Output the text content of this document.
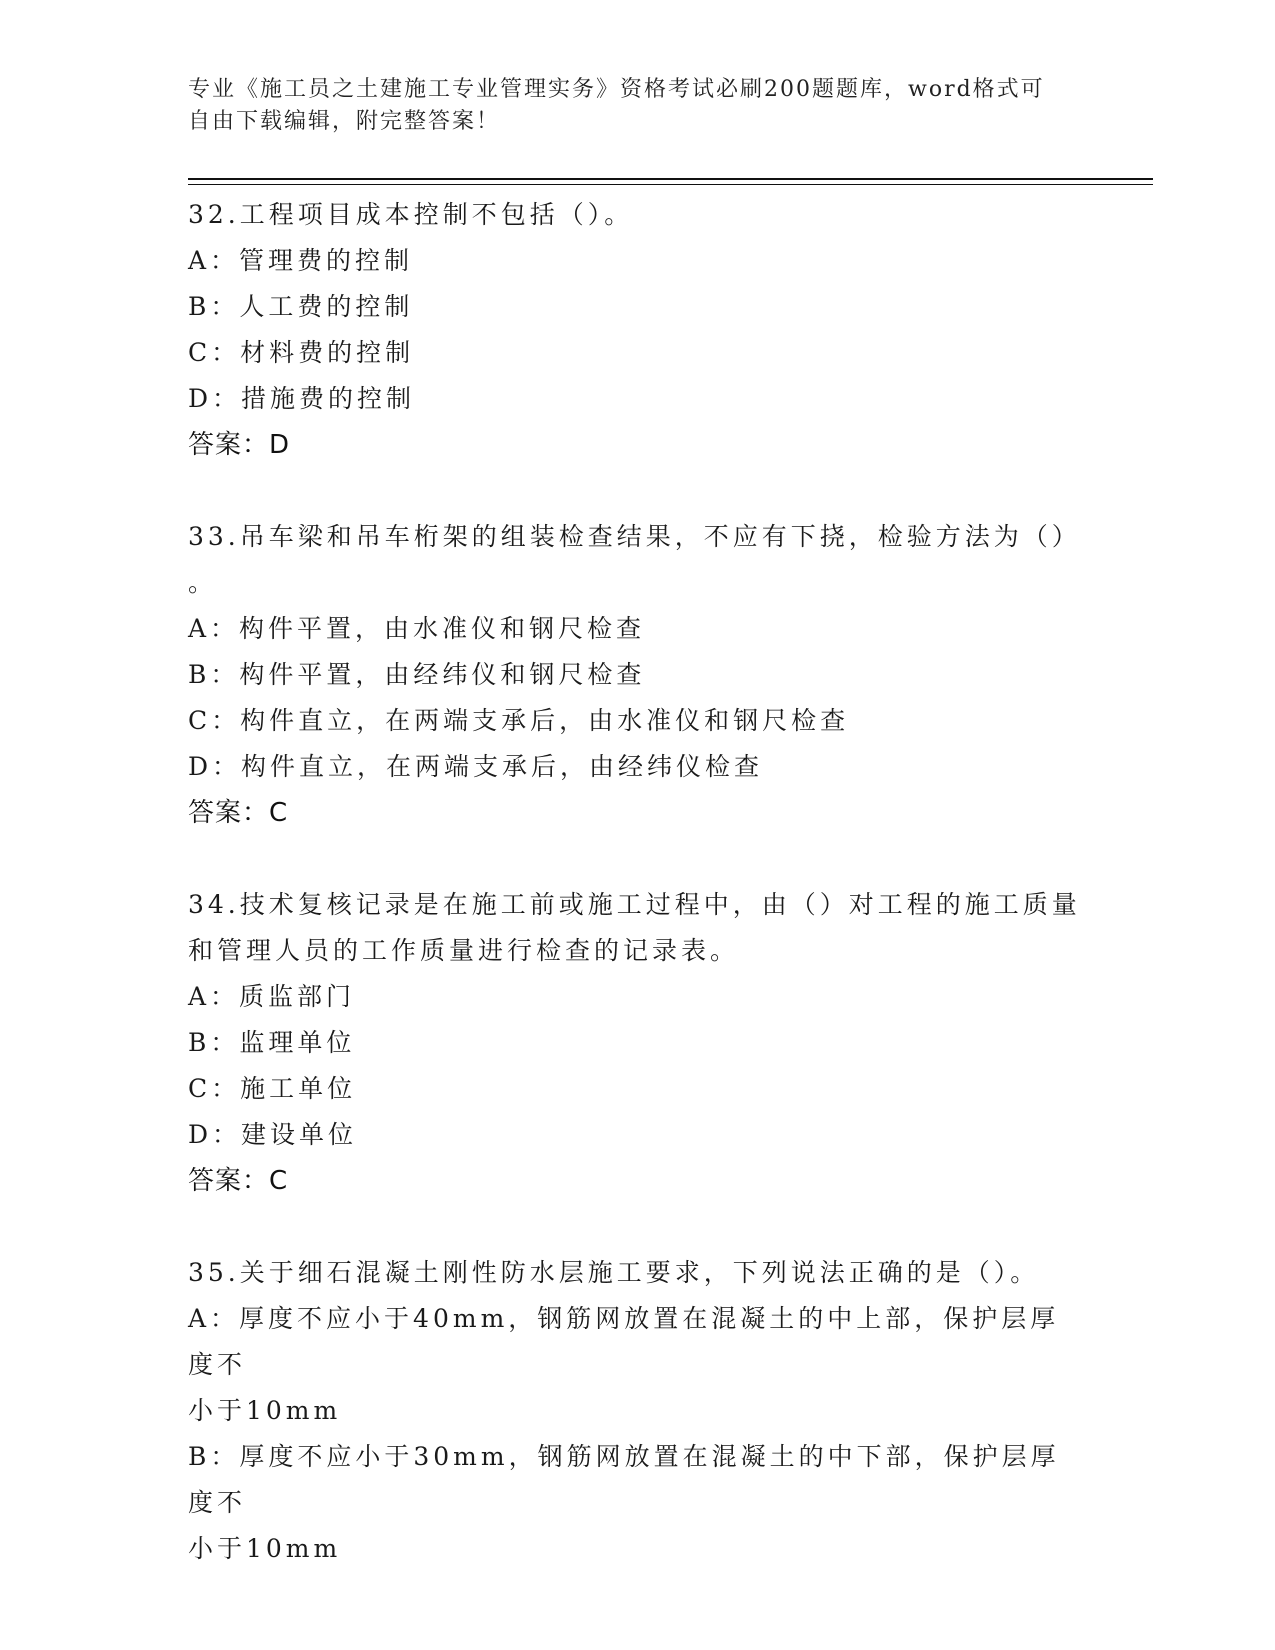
专业《施工员之土建施工专业管理实务》资格考试必刷200题题库，word格式可
自由下载编辑，附完整答案！
32.工程项目成本控制不包括（）。
A：管理费的控制
B：人工费的控制
C：材料费的控制
D：措施费的控制
答案：D
33.吊车梁和吊车桁架的组装检查结果，不应有下挠，检验方法为（）
。
A：构件平置，由水准仪和钢尺检查
B：构件平置，由经纬仪和钢尺检查
C：构件直立，在两端支承后，由水准仪和钢尺检查
D：构件直立，在两端支承后，由经纬仪检查
答案：C
34.技术复核记录是在施工前或施工过程中，由（）对工程的施工质量
和管理人员的工作质量进行检查的记录表。
A：质监部门
B：监理单位
C：施工单位
D：建设单位
答案：C
35.关于细石混凝土刚性防水层施工要求，下列说法正确的是（）。
A：厚度不应小于40mm，钢筋网放置在混凝土的中上部，保护层厚度不
小于10mm
B：厚度不应小于30mm，钢筋网放置在混凝土的中下部，保护层厚度不
小于10mm
